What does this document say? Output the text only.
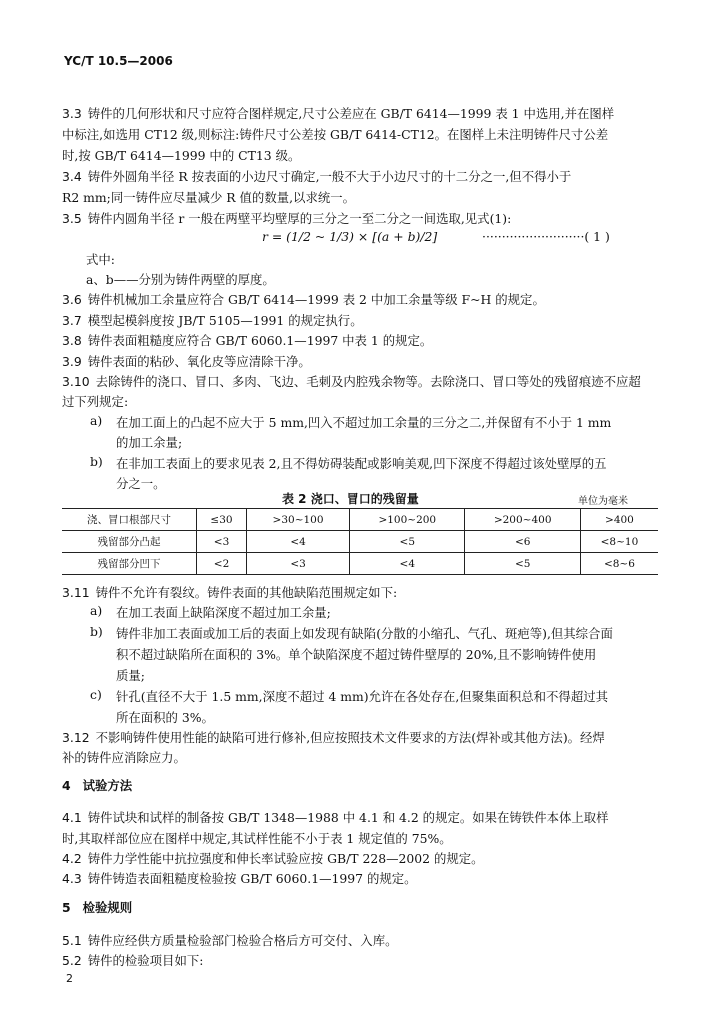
YC/T 10.5—2006
3.3 铸件的几何形状和尺寸应符合图样规定,尺寸公差应在 GB/T 6414—1999 表 1 中选用,并在图样
中标注,如选用 CT12 级,则标注:铸件尺寸公差按 GB/T 6414-CT12。在图样上未注明铸件尺寸公差
时,按 GB/T 6414—1999 中的 CT13 级。
3.4 铸件外圆角半径 R 按表面的小边尺寸确定,一般不大于小边尺寸的十二分之一,但不得小于
R2 mm;同一铸件应尽量减少 R 值的数量,以求统一。
3.5 铸件内圆角半径 r 一般在两壁平均壁厚的三分之一至二分之一间选取,见式(1):
r = (1/2 ~ 1/3) × [(a + b)/2]	··························( 1 )
式中:
a、b——分别为铸件两壁的厚度。
3.6 铸件机械加工余量应符合 GB/T 6414—1999 表 2 中加工余量等级 F~H 的规定。
3.7 模型起模斜度按 JB/T 5105—1991 的规定执行。
3.8 铸件表面粗糙度应符合 GB/T 6060.1—1997 中表 1 的规定。
3.9 铸件表面的粘砂、氧化皮等应清除干净。
3.10 去除铸件的浇口、冒口、多肉、飞边、毛刺及内腔残余物等。去除浇口、冒口等处的残留痕迹不应超
过下列规定:
a) 在加工面上的凸起不应大于 5 mm,凹入不超过加工余量的三分之二,并保留有不小于 1 mm
的加工余量;
b) 在非加工表面上的要求见表 2,且不得妨碍装配或影响美观,凹下深度不得超过该处壁厚的五
分之一。
表 2 浇口、冒口的残留量	单位为毫米
浇、冒口根部尺寸	≤30	>30~100	>100~200	>200~400	>400
残留部分凸起	<3	<4	<5	<6	<8~10
残留部分凹下	<2	<3	<4	<5	<8~6
3.11 铸件不允许有裂纹。铸件表面的其他缺陷范围规定如下:
a) 在加工表面上缺陷深度不超过加工余量;
b) 铸件非加工表面或加工后的表面上如发现有缺陷(分散的小缩孔、气孔、斑疤等),但其综合面
积不超过缺陷所在面积的 3%。单个缺陷深度不超过铸件壁厚的 20%,且不影响铸件使用
质量;
c) 针孔(直径不大于 1.5 mm,深度不超过 4 mm)允许在各处存在,但聚集面积总和不得超过其
所在面积的 3%。
3.12 不影响铸件使用性能的缺陷可进行修补,但应按照技术文件要求的方法(焊补或其他方法)。经焊
补的铸件应消除应力。
4 试验方法
4.1 铸件试块和试样的制备按 GB/T 1348—1988 中 4.1 和 4.2 的规定。如果在铸铁件本体上取样
时,其取样部位应在图样中规定,其试样性能不小于表 1 规定值的 75%。
4.2 铸件力学性能中抗拉强度和伸长率试验应按 GB/T 228—2002 的规定。
4.3 铸件铸造表面粗糙度检验按 GB/T 6060.1—1997 的规定。
5 检验规则
5.1 铸件应经供方质量检验部门检验合格后方可交付、入库。
5.2 铸件的检验项目如下:
2
